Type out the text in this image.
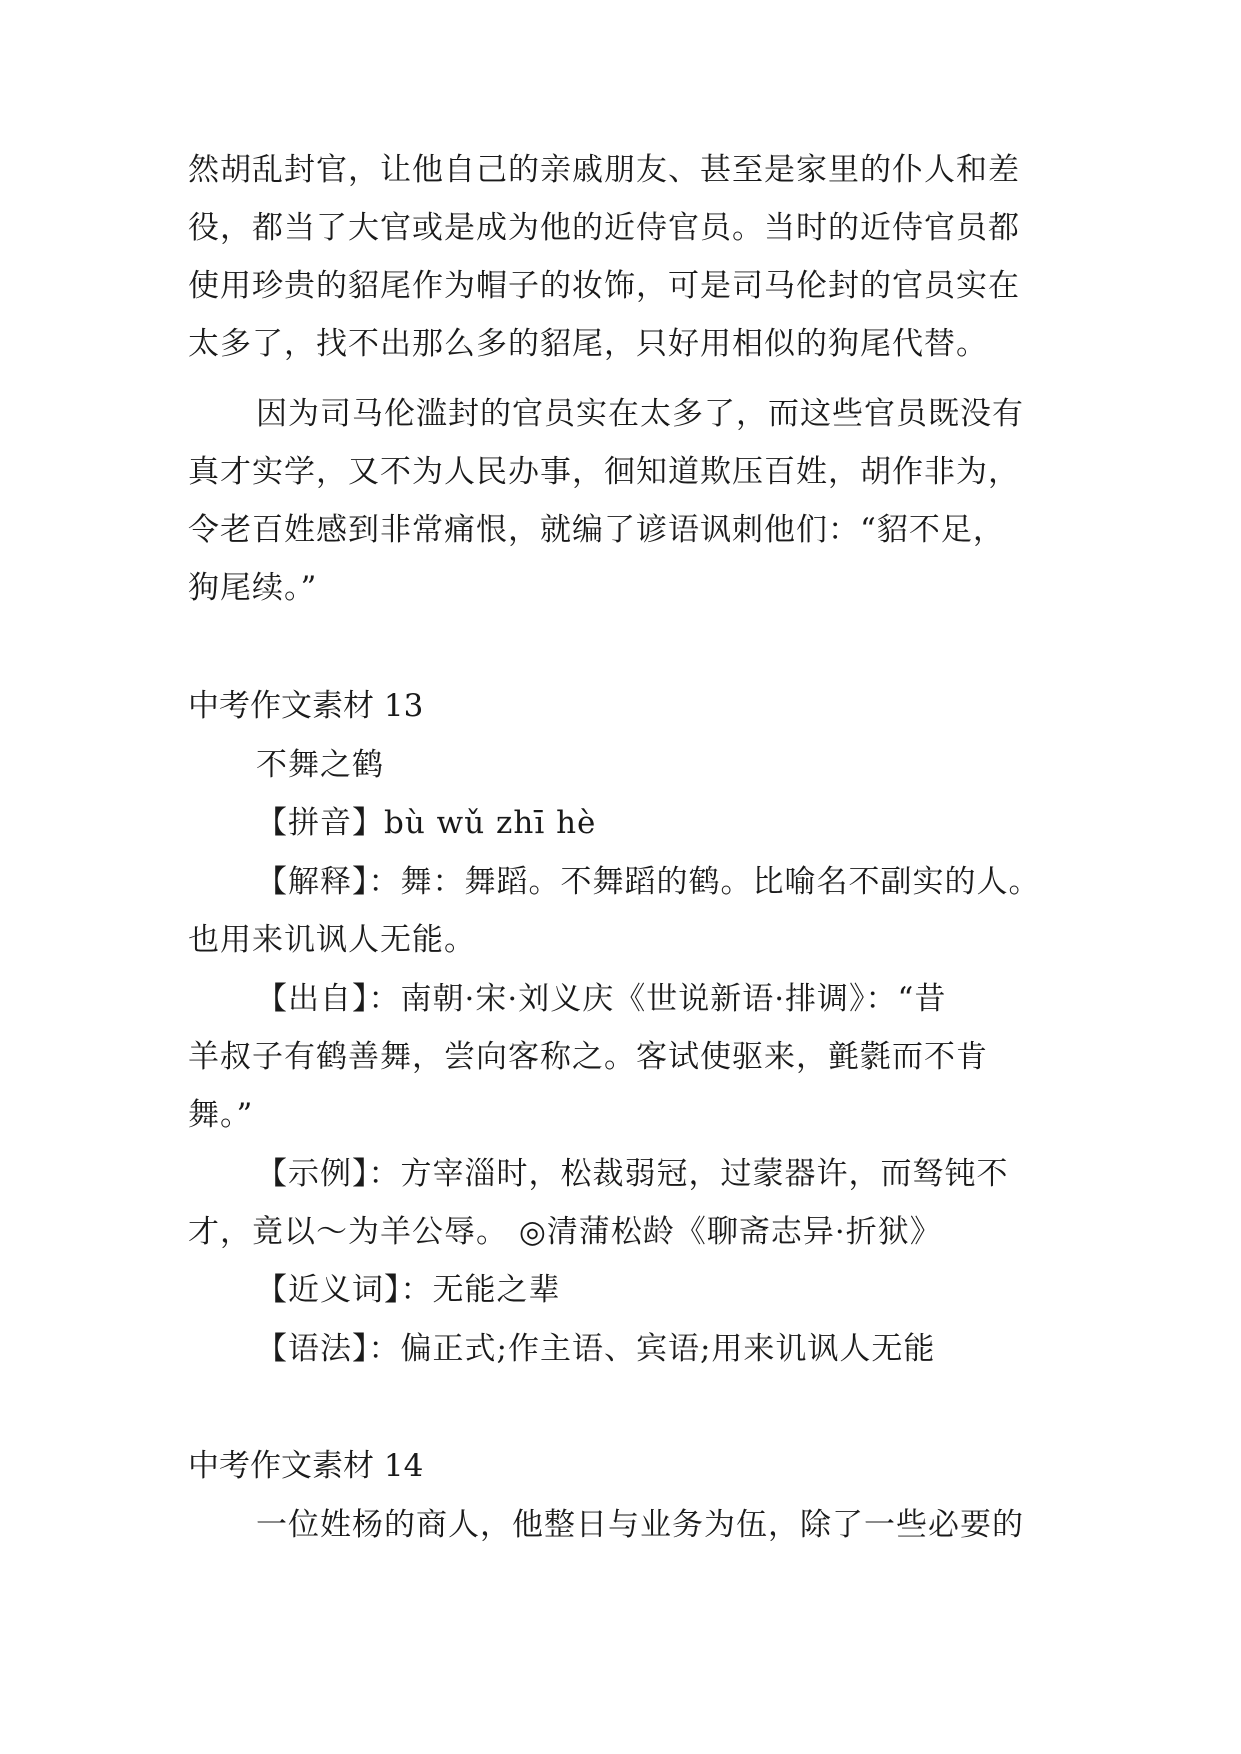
然胡乱封官，让他自己的亲戚朋友、甚至是家里的仆人和差
役，都当了大官或是成为他的近侍官员。当时的近侍官员都
使用珍贵的貂尾作为帽子的妆饰，可是司马伦封的官员实在
太多了，找不出那么多的貂尾，只好用相似的狗尾代替。
因为司马伦滥封的官员实在太多了，而这些官员既没有
真才实学，又不为人民办事，徊知道欺压百姓，胡作非为，
令老百姓感到非常痛恨，就编了谚语讽刺他们：“貂不足，
狗尾续。”
中考作文素材 13
不舞之鹤
【拼音】bù wǔ zhī hè
【解释】：舞：舞蹈。不舞蹈的鹤。比喻名不副实的人。
也用来讥讽人无能。
【出自】：南朝·宋·刘义庆《世说新语·排调》：“昔
羊叔子有鹤善舞，尝向客称之。客试使驱来，氃氋而不肯
舞。”
【示例】：方宰淄时，松裁弱冠，过蒙器许，而驽钝不
才，竟以～为羊公辱。 ◎清蒲松龄《聊斋志异·折狱》
【近义词】：无能之辈
【语法】：偏正式;作主语、宾语;用来讥讽人无能
中考作文素材 14
一位姓杨的商人，他整日与业务为伍，除了一些必要的
